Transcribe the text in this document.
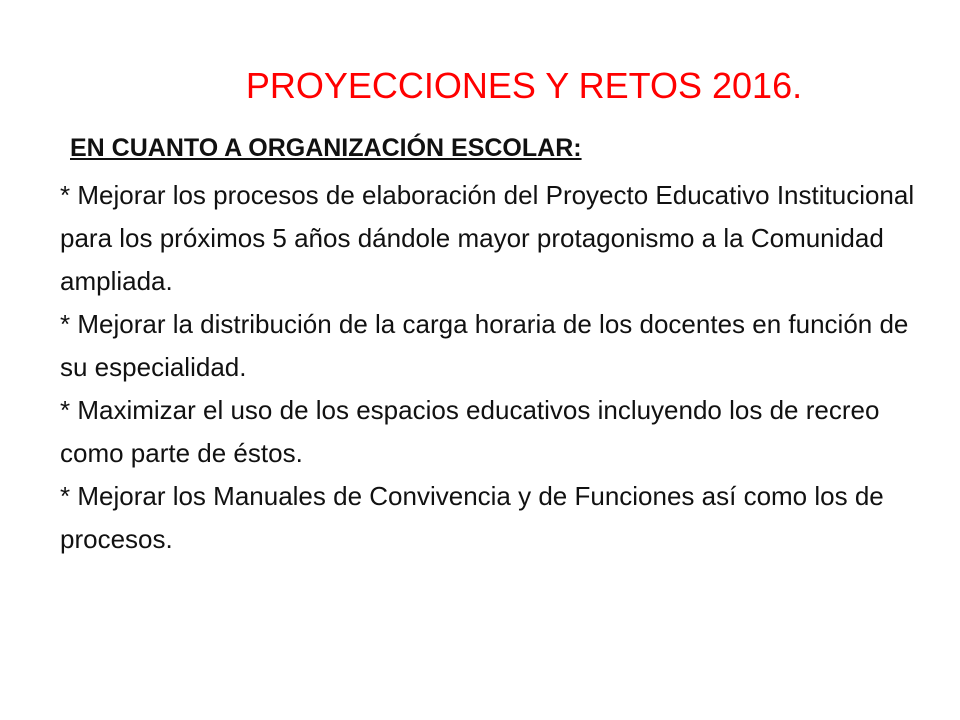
PROYECCIONES Y RETOS 2016.
EN CUANTO A ORGANIZACIÓN ESCOLAR:

* Mejorar los procesos de elaboración del Proyecto Educativo Institucional para los próximos 5 años dándole mayor protagonismo a la Comunidad ampliada.

* Mejorar la distribución de la carga horaria de los docentes en función de su especialidad.

* Maximizar el uso de los espacios educativos incluyendo los de recreo como parte de éstos.

* Mejorar los Manuales de Convivencia y de Funciones así como los de procesos.
